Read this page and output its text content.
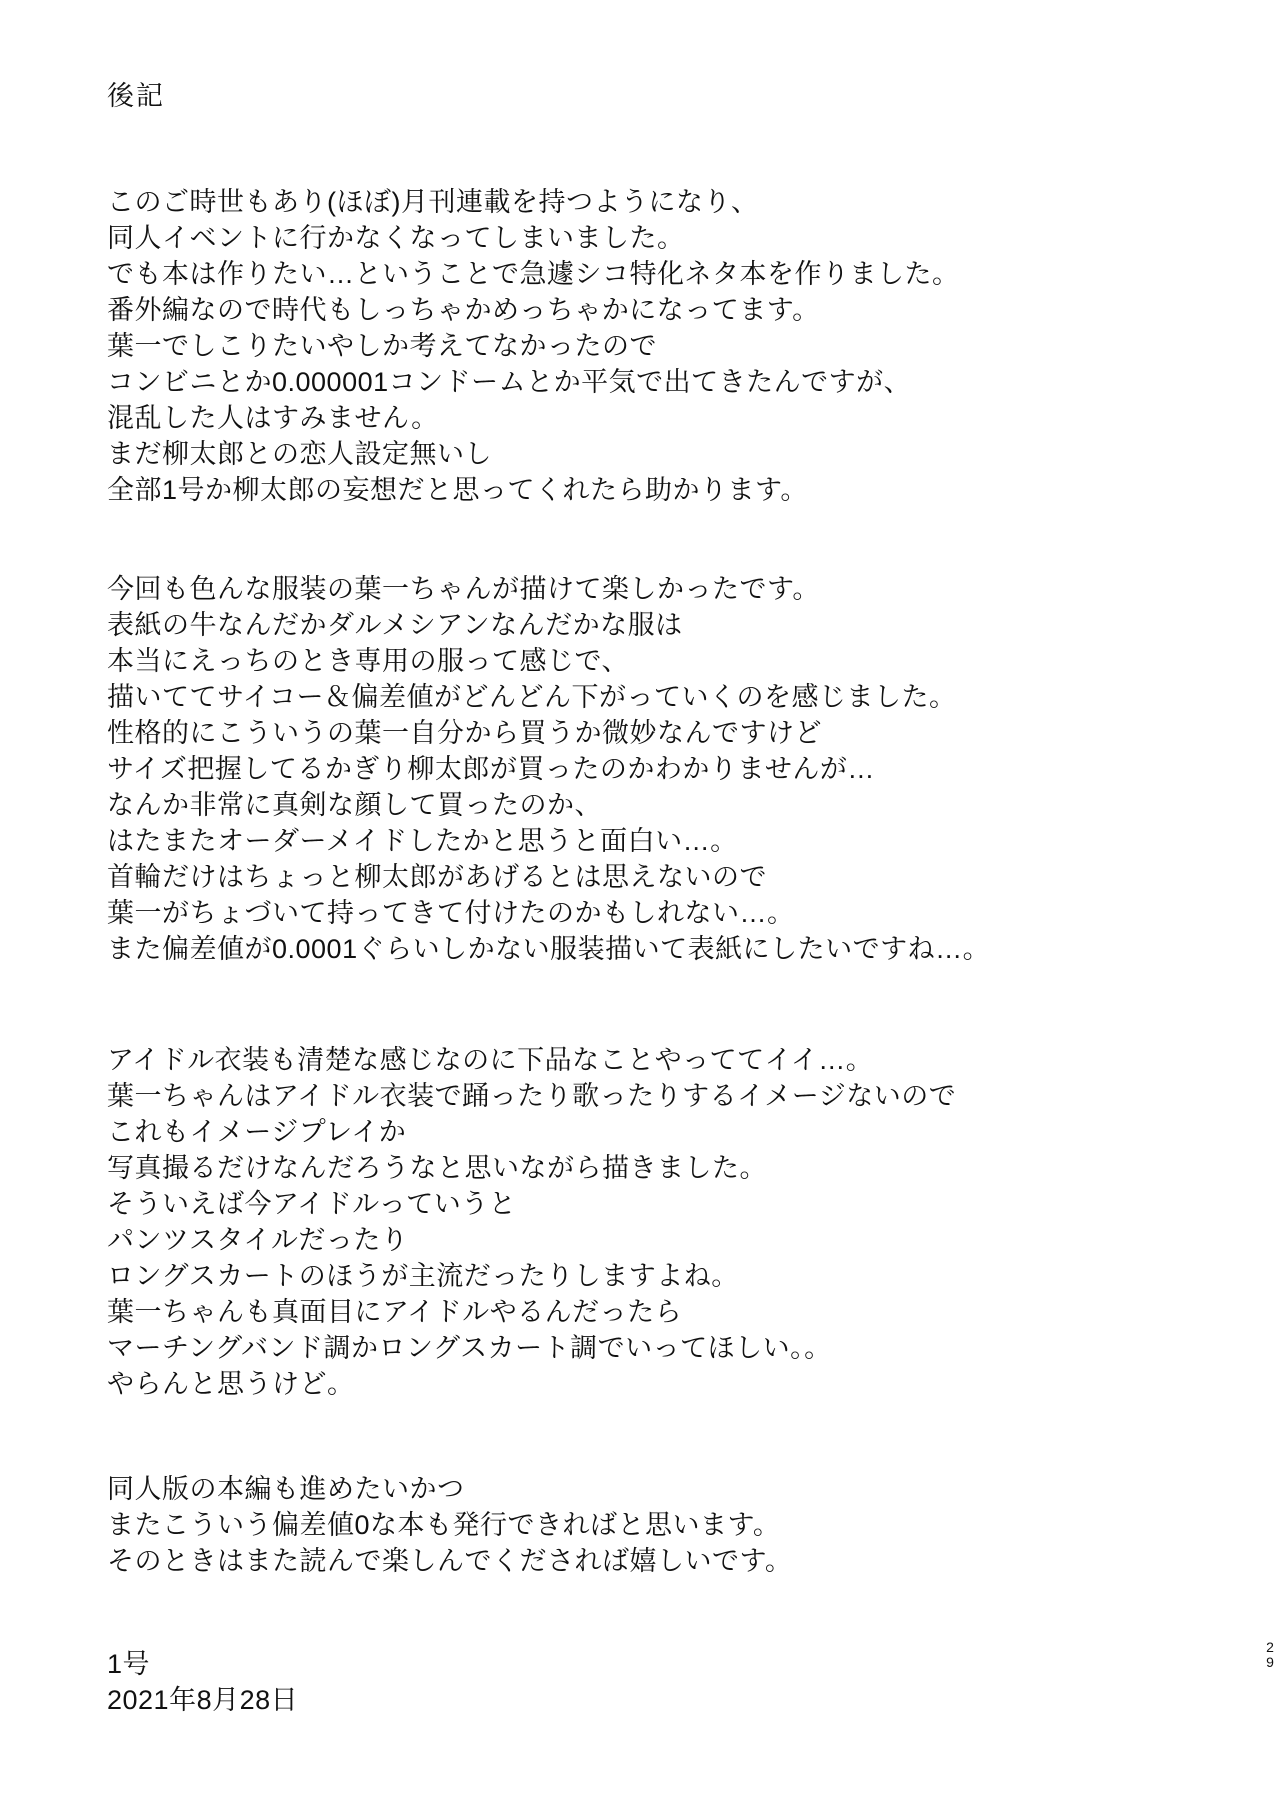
後記
このご時世もあり(ほぼ)月刊連載を持つようになり、
同人イベントに行かなくなってしまいました。
でも本は作りたい…ということで急遽シコ特化ネタ本を作りました。
番外編なので時代もしっちゃかめっちゃかになってます。
葉一でしこりたいやしか考えてなかったので
コンビニとか0.000001コンドームとか平気で出てきたんですが、
混乱した人はすみません。
まだ柳太郎との恋人設定無いし
全部1号か柳太郎の妄想だと思ってくれたら助かります。
今回も色んな服装の葉一ちゃんが描けて楽しかったです。
表紙の牛なんだかダルメシアンなんだかな服は
本当にえっちのとき専用の服って感じで、
描いててサイコー＆偏差値がどんどん下がっていくのを感じました。
性格的にこういうの葉一自分から買うか微妙なんですけど
サイズ把握してるかぎり柳太郎が買ったのかわかりませんが…
なんか非常に真剣な顔して買ったのか、
はたまたオーダーメイドしたかと思うと面白い…。
首輪だけはちょっと柳太郎があげるとは思えないので
葉一がちょづいて持ってきて付けたのかもしれない…。
また偏差値が0.0001ぐらいしかない服装描いて表紙にしたいですね…。
アイドル衣装も清楚な感じなのに下品なことやっててイイ…。
葉一ちゃんはアイドル衣装で踊ったり歌ったりするイメージないので
これもイメージプレイか
写真撮るだけなんだろうなと思いながら描きました。
そういえば今アイドルっていうと
パンツスタイルだったり
ロングスカートのほうが主流だったりしますよね。
葉一ちゃんも真面目にアイドルやるんだったら
マーチングバンド調かロングスカート調でいってほしい。。
やらんと思うけど。
同人版の本編も進めたいかつ
またこういう偏差値0な本も発行できればと思います。
そのときはまた読んで楽しんでくだされば嬉しいです。
1号
2021年8月28日
29
